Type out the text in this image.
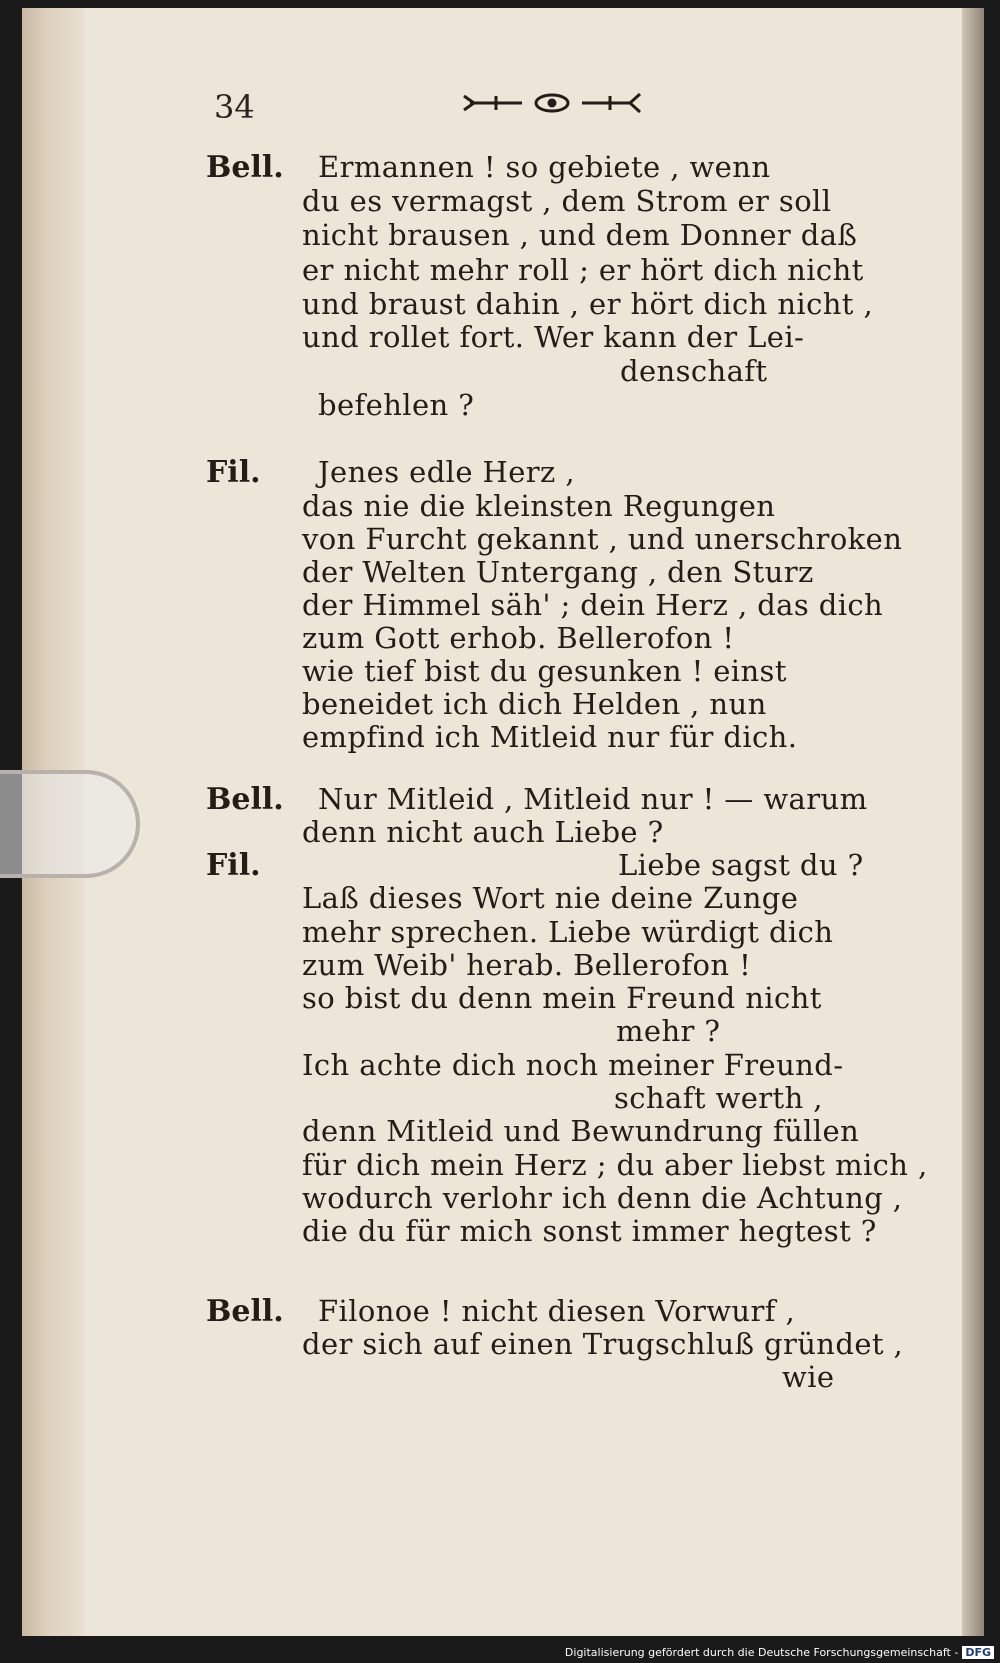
34
Bell.
Fil.
Bell.
Fil.
Bell.
Ermannen ! so gebiete , wenn
du es vermagst , dem Strom er soll
nicht brausen , und dem Donner daß
er nicht mehr roll ; er hört dich nicht
und braust dahin , er hört dich nicht ,
und rollet fort. Wer kann der Lei-
denschaft
befehlen ?
Jenes edle Herz ,
das nie die kleinsten Regungen
von Furcht gekannt , und unerschroken
der Welten Untergang , den Sturz
der Himmel säh' ; dein Herz , das dich
zum Gott erhob. Bellerofon !
wie tief bist du gesunken ! einst
beneidet ich dich Helden , nun
empfind ich Mitleid nur für dich.
Nur Mitleid , Mitleid nur ! — warum
denn nicht auch Liebe ?
Liebe sagst du ?
Laß dieses Wort nie deine Zunge
mehr sprechen. Liebe würdigt dich
zum Weib' herab. Bellerofon !
so bist du denn mein Freund nicht
mehr ?
Ich achte dich noch meiner Freund-
schaft werth ,
denn Mitleid und Bewundrung füllen
für dich mein Herz ; du aber liebst mich ,
wodurch verlohr ich denn die Achtung ,
die du für mich sonst immer hegtest ?
Filonoe ! nicht diesen Vorwurf ,
der sich auf einen Trugschluß gründet ,
wie
Digitalisierung gefördert durch die Deutsche Forschungsgemeinschaft - DFG
